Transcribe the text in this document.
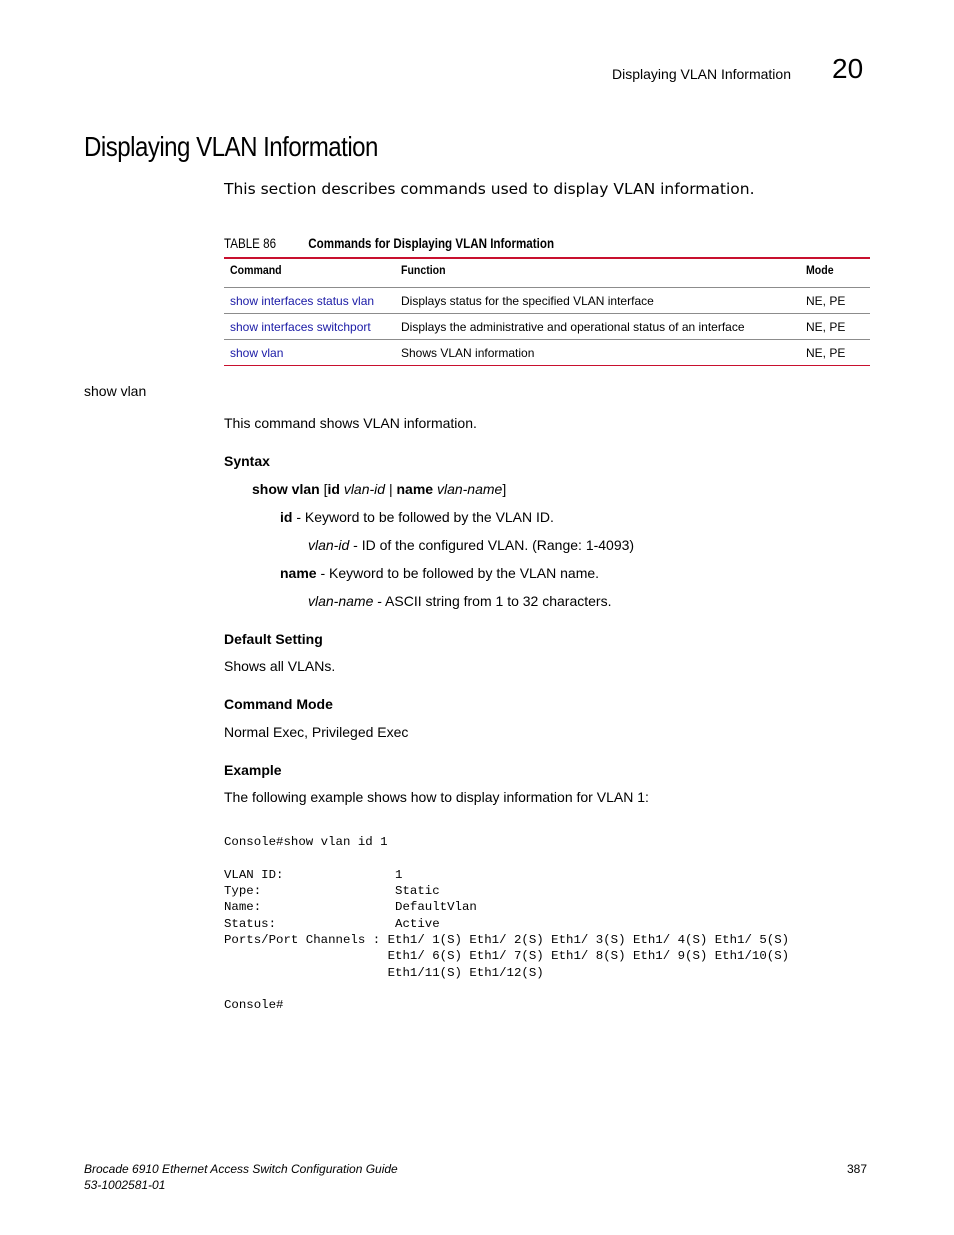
Displaying VLAN Information 20
Displaying VLAN Information
This section describes commands used to display VLAN information.
TABLE 86 Commands for Displaying VLAN Information
Command	Function	Mode
show interfaces status vlan	Displays status for the specified VLAN interface	NE, PE
show interfaces switchport	Displays the administrative and operational status of an interface	NE, PE
show vlan	Shows VLAN information	NE, PE
show vlan
This command shows VLAN information.
Syntax
show vlan [id vlan-id | name vlan-name]
id - Keyword to be followed by the VLAN ID.
vlan-id - ID of the configured VLAN. (Range: 1-4093)
name - Keyword to be followed by the VLAN name.
vlan-name - ASCII string from 1 to 32 characters.
Default Setting
Shows all VLANs.
Command Mode
Normal Exec, Privileged Exec
Example
The following example shows how to display information for VLAN 1:

Console#show vlan id 1

VLAN ID:               1
Type:                  Static
Name:                  DefaultVlan
Status:                Active
Ports/Port Channels : Eth1/ 1(S) Eth1/ 2(S) Eth1/ 3(S) Eth1/ 4(S) Eth1/ 5(S)
Eth1/ 6(S) Eth1/ 7(S) Eth1/ 8(S) Eth1/ 9(S) Eth1/10(S)
Eth1/11(S) Eth1/12(S)

Console#

Brocade 6910 Ethernet Access Switch Configuration Guide
53-1002581-01
387
